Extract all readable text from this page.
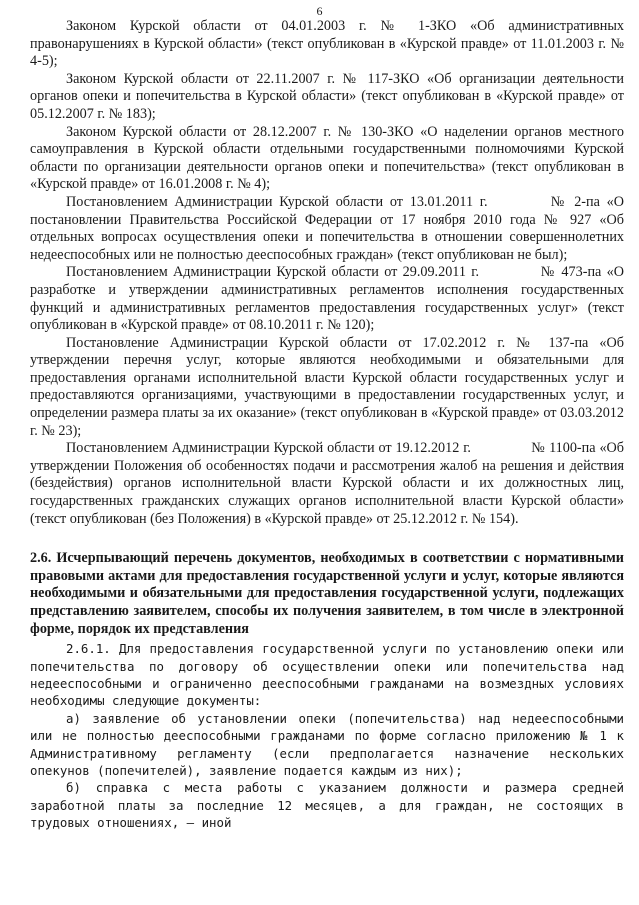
6

Законом Курской области от 04.01.2003 г. № 1-ЗКО «Об административных правонарушениях в Курской области» (текст опубликован в «Курской правде» от 11.01.2003 г. № 4-5);

Законом Курской области от 22.11.2007 г. № 117-ЗКО «Об организации деятельности органов опеки и попечительства в Курской области» (текст опубликован в «Курской правде» от 05.12.2007 г. № 183);

Законом Курской области от 28.12.2007 г. № 130-ЗКО «О наделении органов местного самоуправления в Курской области отдельными государственными полномочиями Курской области по организации деятельности органов опеки и попечительства» (текст опубликован в «Курской правде» от 16.01.2008 г. № 4);

Постановлением Администрации Курской области от 13.01.2011 г.	№ 2-па «О постановлении Правительства Российской Федерации от 17 ноября 2010 года № 927 «Об отдельных вопросах осуществления опеки и попечительства в отношении совершеннолетних недееспособных или не полностью дееспособных граждан» (текст опубликован не был);

Постановлением Администрации Курской области от 29.09.2011 г.	№ 473-па «О разработке и утверждении административных регламентов исполнения государственных функций и административных регламентов предоставления государственных услуг» (текст опубликован в «Курской правде» от 08.10.2011 г. № 120);

Постановление Администрации Курской области от 17.02.2012 г. № 137-па «Об утверждении перечня услуг, которые являются необходимыми и обязательными для предоставления органами исполнительной власти Курской области государственных услуг и предоставляются организациями, участвующими в предоставлении государственных услуг, и определении размера платы за их оказание» (текст опубликован в «Курской правде» от 03.03.2012 г. № 23);

Постановлением Администрации Курской области от 19.12.2012 г.	№ 1100-па «Об утверждении Положения об особенностях подачи и рассмотрения жалоб на решения и действия (бездействия) органов исполнительной власти Курской области и их должностных лиц, государственных гражданских служащих органов исполнительной власти Курской области» (текст опубликован (без Положения) в «Курской правде» от 25.12.2012 г. № 154).

2.6. Исчерпывающий перечень документов, необходимых в соответствии с нормативными правовыми актами для предоставления государственной услуги и услуг, которые являются необходимыми и обязательными для предоставления государственной услуги, подлежащих представлению заявителем, способы их получения заявителем, в том числе в электронной форме, порядок их представления

2.6.1. Для предоставления государственной услуги по установлению опеки или попечительства по договору об осуществлении опеки или попечительства над недееспособными и ограниченно дееспособными гражданами на возмездных условиях необходимы следующие документы:

а) заявление об установлении опеки (попечительства) над недееспособными или не полностью дееспособными гражданами по форме согласно приложению № 1 к Административному регламенту (если предполагается назначение нескольких опекунов (попечителей), заявление подается каждым из них);

б) справка с места работы с указанием должности и размера средней заработной платы за последние 12 месяцев, а для граждан, не состоящих в трудовых отношениях, – иной
